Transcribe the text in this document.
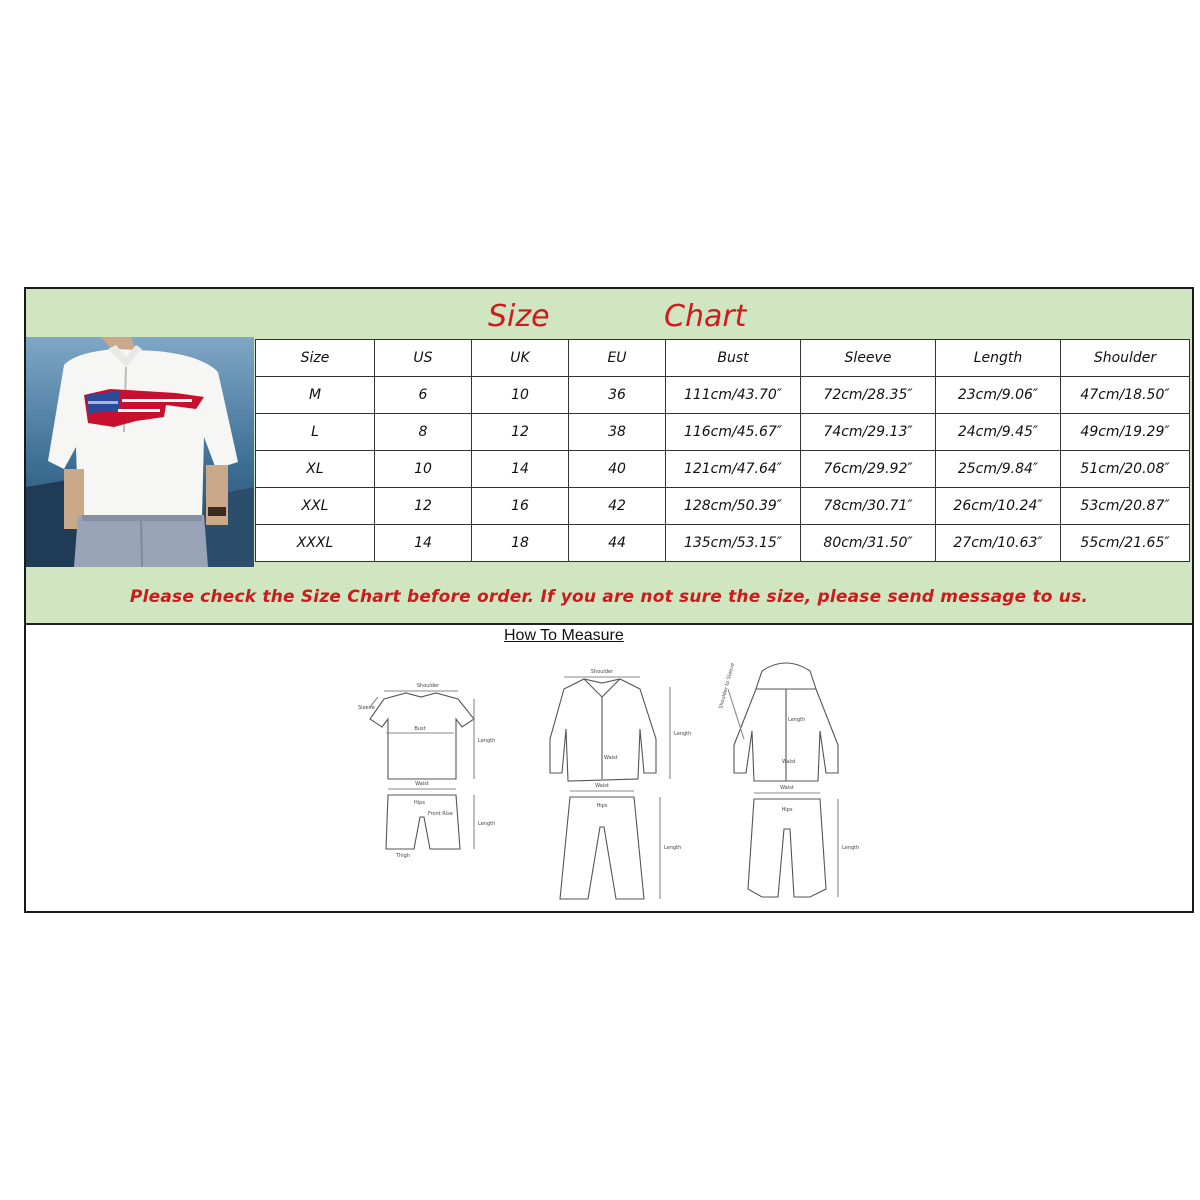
Size	Chart
Size	US	UK	EU	Bust	Sleeve	Length	Shoulder
M	6	10	36	111cm/43.70″	72cm/28.35″	23cm/9.06″	47cm/18.50″
L	8	12	38	116cm/45.67″	74cm/29.13″	24cm/9.45″	49cm/19.29″
XL	10	14	40	121cm/47.64″	76cm/29.92″	25cm/9.84″	51cm/20.08″
XXL	12	16	42	128cm/50.39″	78cm/30.71″	26cm/10.24″	53cm/20.87″
XXXL	14	18	44	135cm/53.15″	80cm/31.50″	27cm/10.63″	55cm/21.65″
Please check the Size Chart before order. If you are not sure the size, please send message to us.
How To Measure
Shoulder
Bust
Length
Sleeve
Waist
Hips
Front Rise
Thigh
Length
Shoulder
Length
Waist
Waist
Hips
Length
Shoulder to Sleeve
Length
Waist
Waist
Hips
Length
